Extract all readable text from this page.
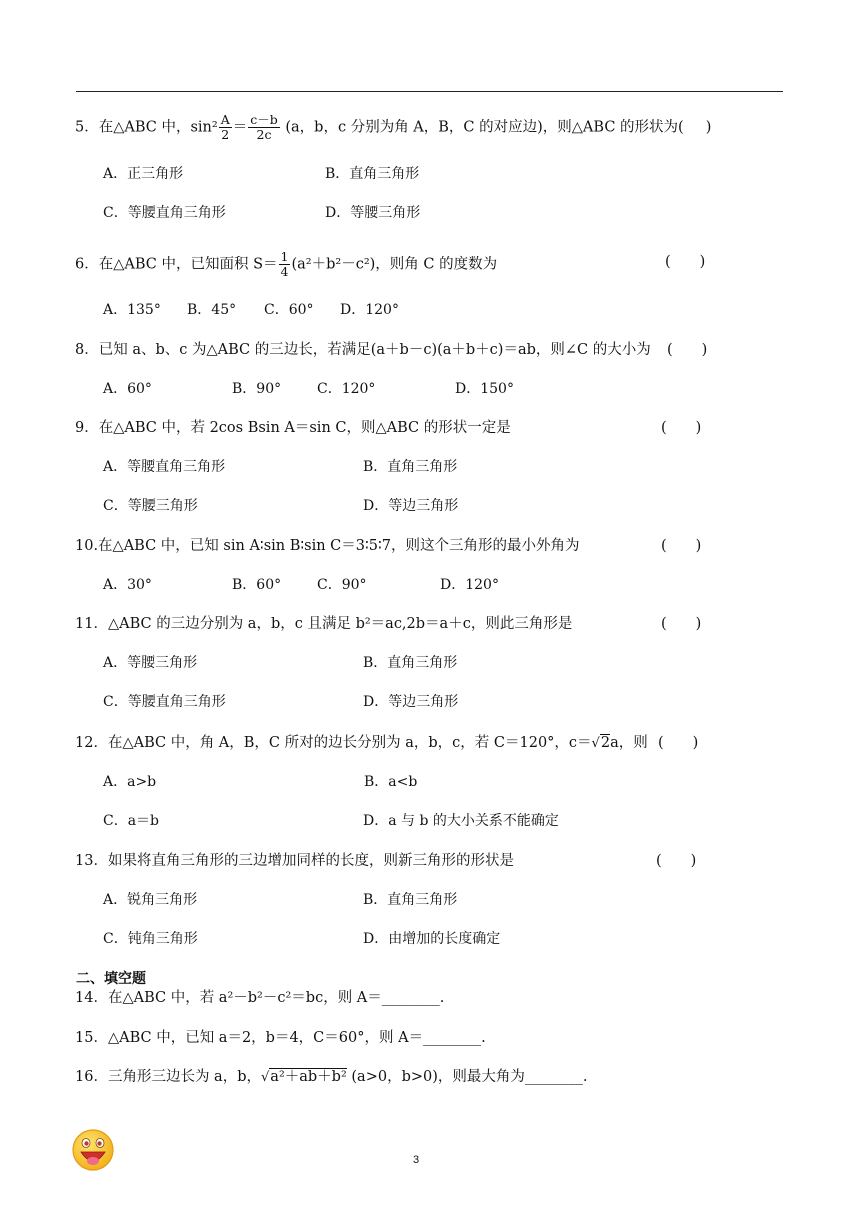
5．在△ABC 中，$\sin^2 \frac{A}{2} = \frac{c-b}{2c} (a$，b，c 分别为角 A，B，C 的对应边)，则△ABC 的形状为( )
A．正三角形	B．直角三角形
C．等腰直角三角形	D．等腰三角形
6．在△ABC 中，已知面积 $S= \frac{1}{4} (a^2+b^2-c^2)$，则角 C 的度数为	(　　)
A．135° B．45° C．60° D．120°
8．已知 a、b、c 为△ABC 的三边长，若满足(a＋b－c)(a＋b＋c)＝ab，则∠C 的大小为 (　　)
A．60°	B．90°	C．120°	D．150°
9．在△ABC 中，若 2cos Bsin A＝sin C，则△ABC 的形状一定是	(　　)
A．等腰直角三角形	B．直角三角形
C．等腰三角形	D．等边三角形
10.在△ABC 中，已知 sin A∶sin B∶sin C＝3∶5∶7，则这个三角形的最小外角为	(　　)
A．30°	B．60°	C．90°	D．120°
11．△ABC 的三边分别为 a，b，c 且满足 b²＝ac,2b＝a＋c，则此三角形是	(　　)
A．等腰三角形	B．直角三角形
C．等腰直角三角形	D．等边三角形
12．在△ABC 中，角 A，B，C 所对的边长分别为 a，b，c，若 C＝120°，c＝√2a，则 (　　)
A．a>b	B．a<b
C．a＝b	D．a 与 b 的大小关系不能确定
13．如果将直角三角形的三边增加同样的长度，则新三角形的形状是	(　　)
A．锐角三角形	B．直角三角形
C．钝角三角形	D．由增加的长度确定
二、填空题
14．在△ABC 中，若 a²－b²－c²＝bc，则 A＝________.
15．△ABC 中，已知 a＝2，b＝4，C＝60°，则 A＝________.
16．三角形三边长为 a，b，√a²＋ab＋b² (a>0，b>0)，则最大角为________.
3
